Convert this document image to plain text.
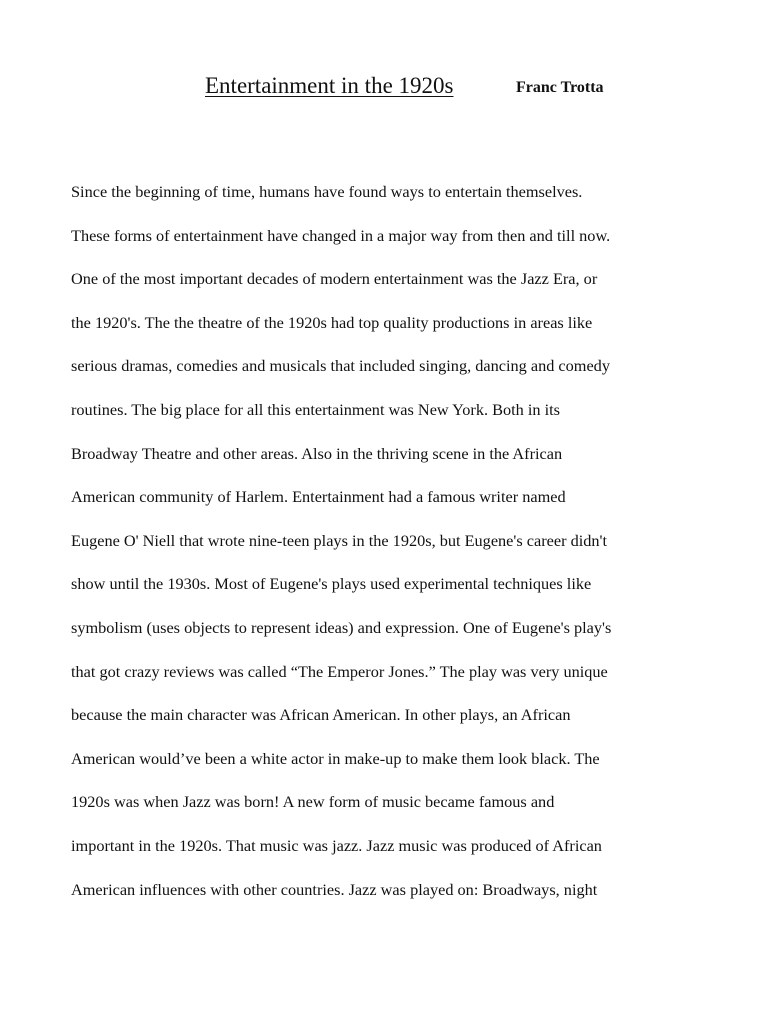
Entertainment in the 1920s	Franc Trotta
Since the beginning of time, humans have found ways to entertain themselves.
These forms of entertainment have changed in a major way from then and till now.
One of the most important decades of modern entertainment was the Jazz Era, or
the 1920's. The the theatre of the 1920s had top quality productions in areas like
serious dramas, comedies and musicals that included singing, dancing and comedy
routines. The big place for all this entertainment was New York. Both in its
Broadway Theatre and other areas. Also in the thriving scene in the African
American community of Harlem. Entertainment had a famous writer named
Eugene O' Niell that wrote nine-teen plays in the 1920s, but Eugene's career didn't
show until the 1930s. Most of Eugene's plays used experimental techniques like
symbolism (uses objects to represent ideas) and expression. One of Eugene's play's
that got crazy reviews was called “The Emperor Jones.” The play was very unique
because the main character was African American. In other plays, an African
American would’ve been a white actor in make-up to make them look black. The
1920s was when Jazz was born! A new form of music became famous and
important in the 1920s. That music was jazz. Jazz music was produced of African
American influences with other countries. Jazz was played on: Broadways, night
